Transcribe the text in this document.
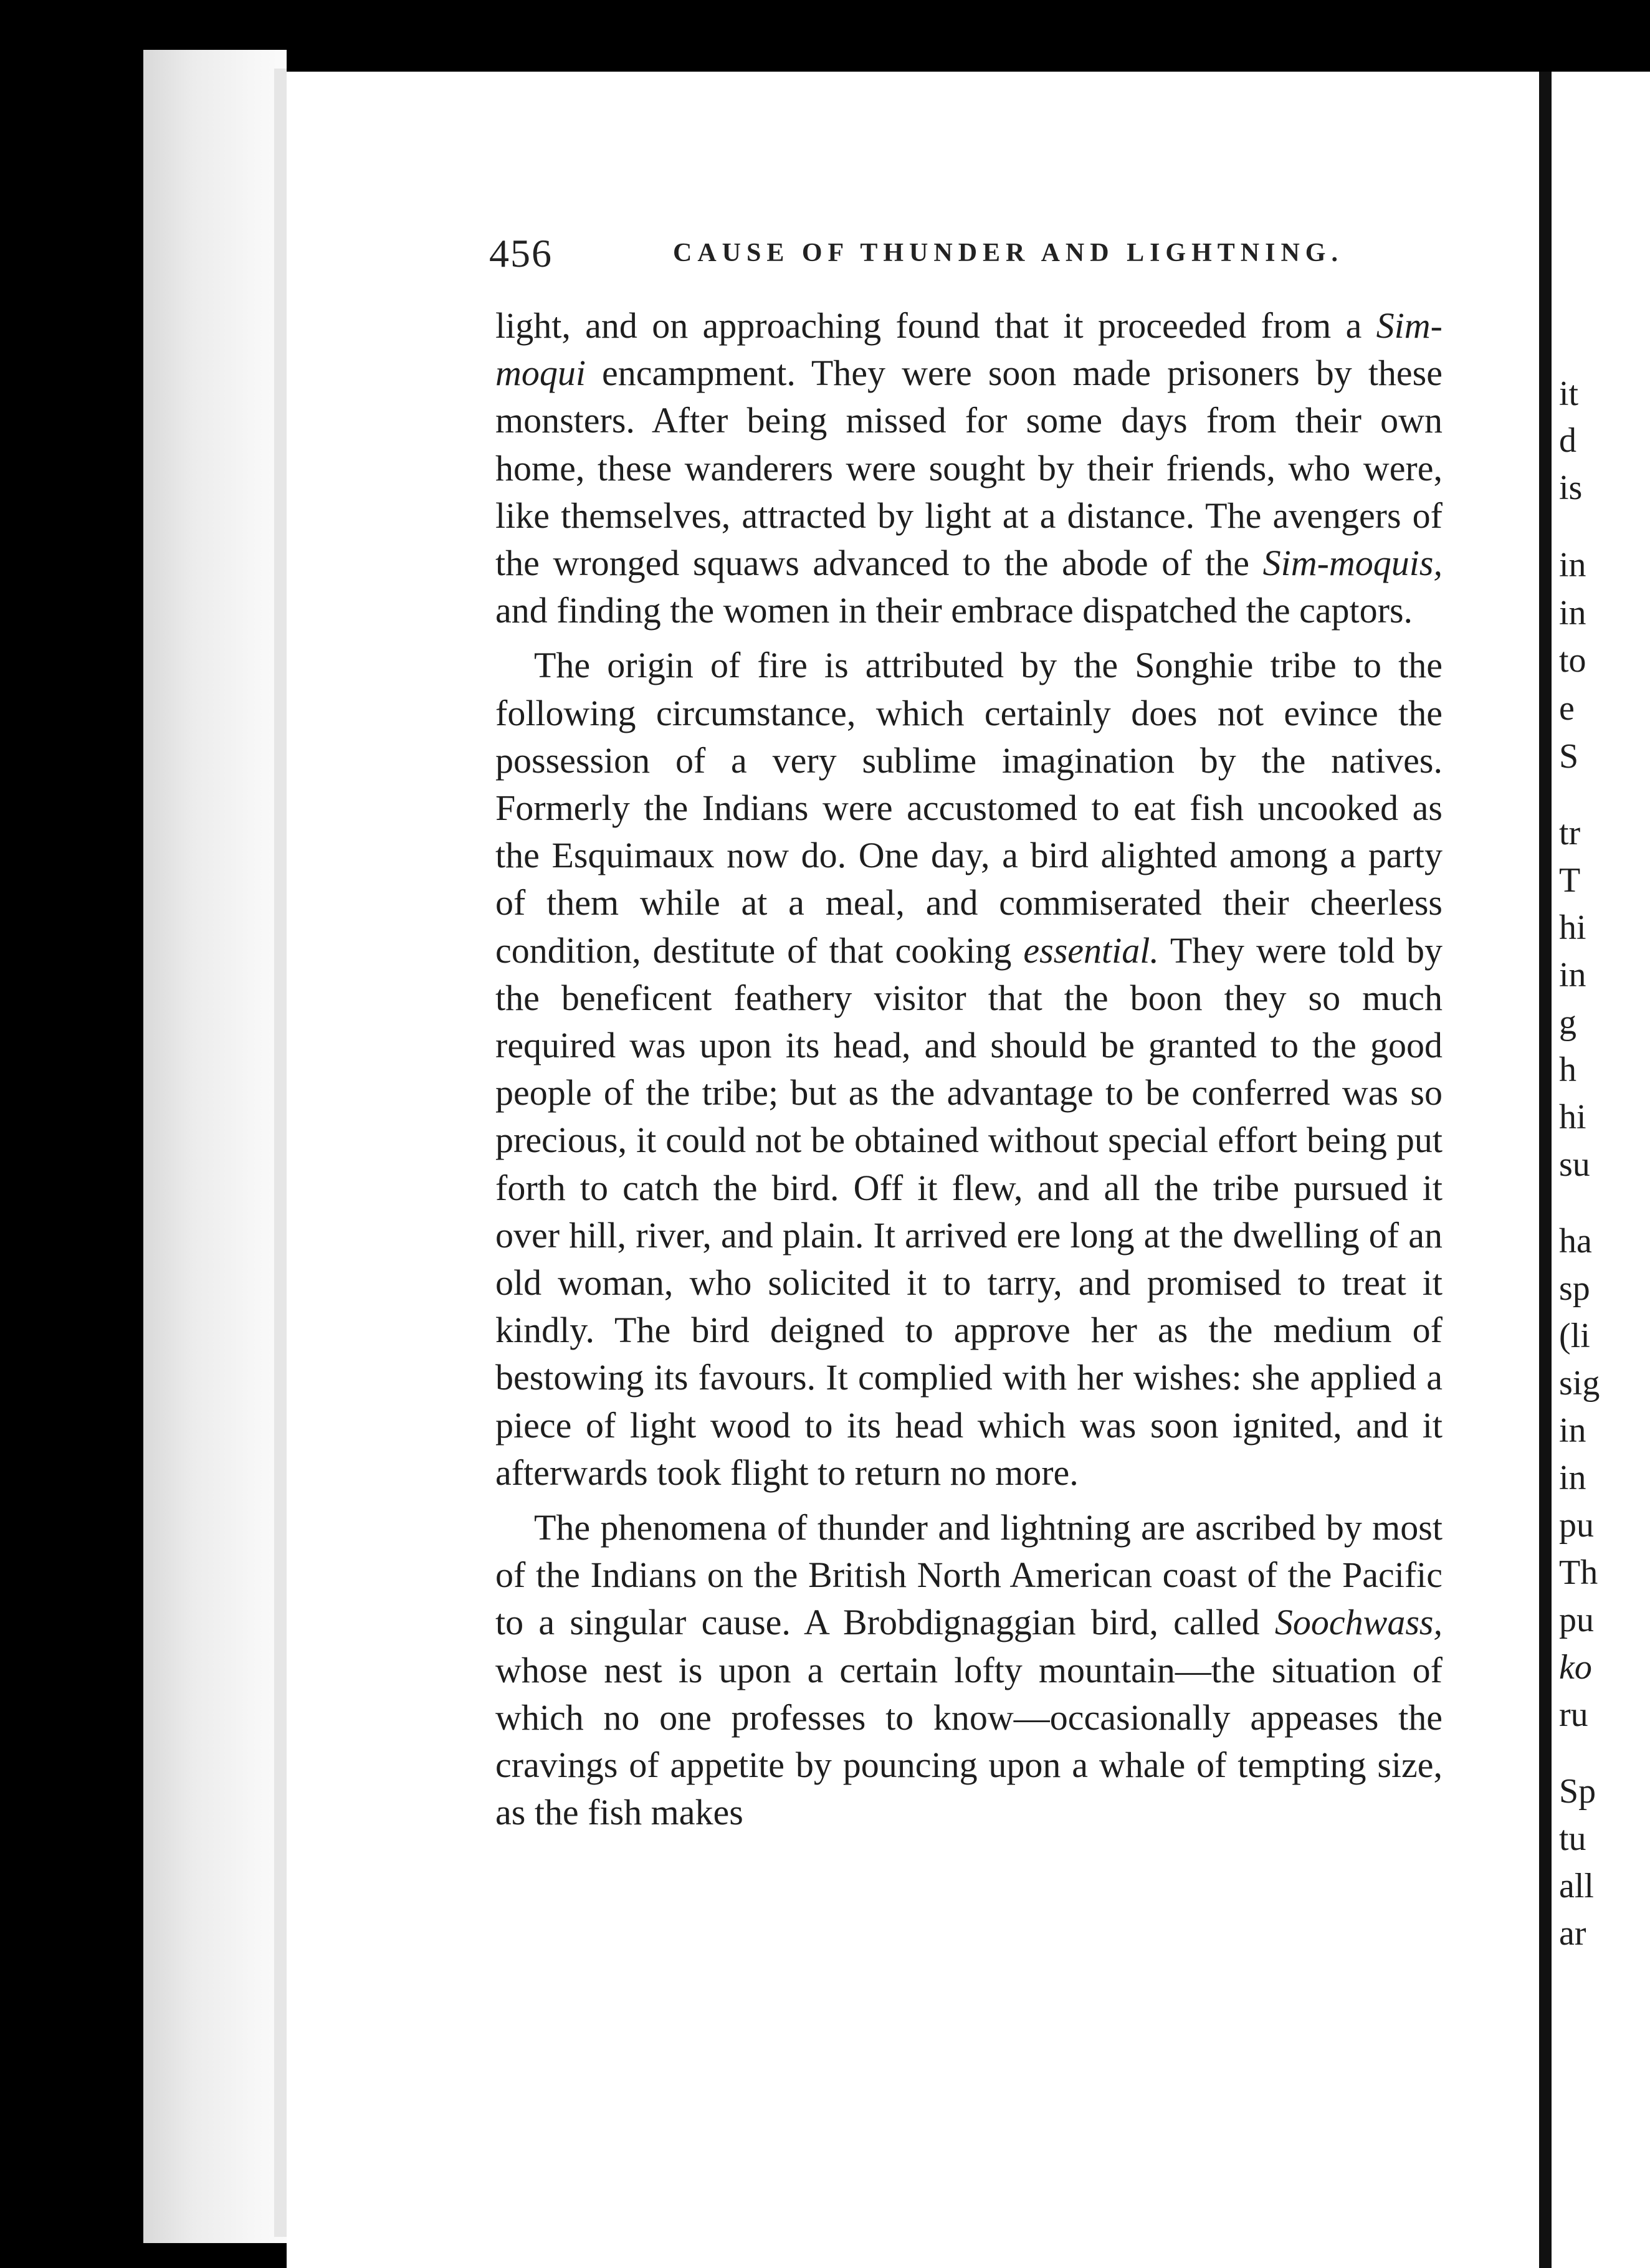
456	CAUSE OF THUNDER AND LIGHTNING.

light, and on approaching found that it proceeded from a Sim-moqui encampment. They were soon made prisoners by these monsters. After being missed for some days from their own home, these wanderers were sought by their friends, who were, like themselves, attracted by light at a distance. The avengers of the wronged squaws advanced to the abode of the Sim-moquis, and finding the women in their embrace dispatched the captors.

The origin of fire is attributed by the Songhie tribe to the following circumstance, which certainly does not evince the possession of a very sublime imagination by the natives. Formerly the Indians were accustomed to eat fish uncooked as the Esquimaux now do. One day, a bird alighted among a party of them while at a meal, and commiserated their cheerless condition, destitute of that cooking essential. They were told by the beneficent feathery visitor that the boon they so much required was upon its head, and should be granted to the good people of the tribe; but as the advantage to be conferred was so precious, it could not be obtained without special effort being put forth to catch the bird. Off it flew, and all the tribe pursued it over hill, river, and plain. It arrived ere long at the dwelling of an old woman, who solicited it to tarry, and promised to treat it kindly. The bird deigned to approve her as the medium of bestowing its favours. It complied with her wishes: she applied a piece of light wood to its head which was soon ignited, and it afterwards took flight to return no more.

The phenomena of thunder and lightning are ascribed by most of the Indians on the British North American coast of the Pacific to a singular cause. A Brobdignaggian bird, called Soochwass, whose nest is upon a certain lofty mountain—the situation of which no one professes to know—occasionally appeases the cravings of appetite by pouncing upon a whale of tempting size, as the fish makes

it
d
is
in
in
to
e
S
tr
T
hi
in
g
h
hi
su
ha
sp
(li
sig
in
in
pu
Th
pu
ko
ru
Sp
tu
all
ar
